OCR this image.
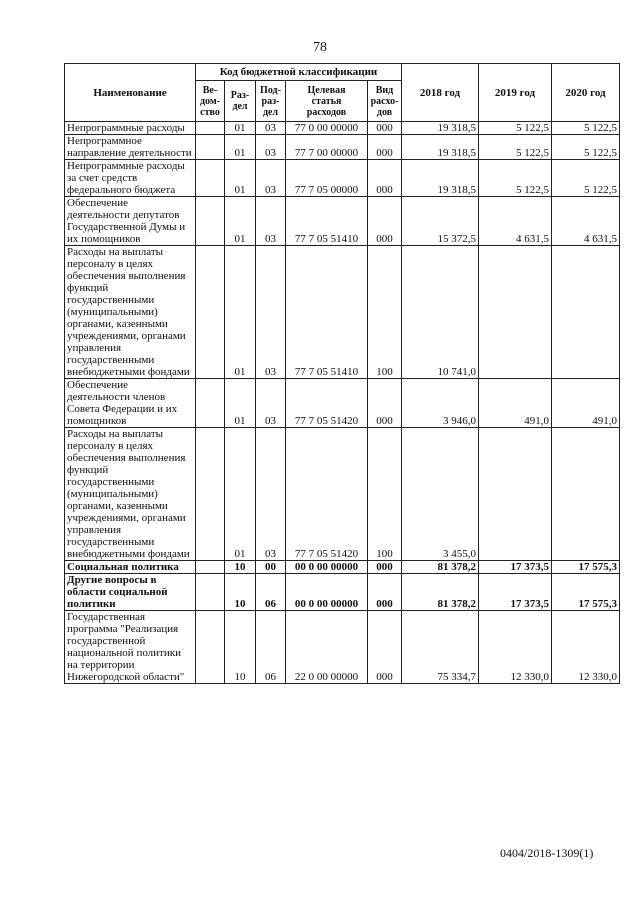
78
Наименование	Код бюджетной классификации					2018 год	2019 год	2020 год
	Ве-
дом-
ство	Раз-
дел	Под-
раз-
дел	Целевая
статья
расходов	Вид
расхо-
дов			
Непрограммные расходы		01	03	77 0 00 00000	000	19 318,5	5 122,5	5 122,5
Непрограммное направление деятельности		01	03	77 7 00 00000	000	19 318,5	5 122,5	5 122,5
Непрограммные расходы за счет средств федерального бюджета		01	03	77 7 05 00000	000	19 318,5	5 122,5	5 122,5
Обеспечение деятельности депутатов Государственной Думы и их помощников		01	03	77 7 05 51410	000	15 372,5	4 631,5	4 631,5
Расходы на выплаты персоналу в целях обеспечения выполнения функций государственными (муниципальными) органами, казенными учреждениями, органами управления государственными внебюджетными фондами		01	03	77 7 05 51410	100	10 741,0		
Обеспечение деятельности членов Совета Федерации и их помощников		01	03	77 7 05 51420	000	3 946,0	491,0	491,0
Расходы на выплаты персоналу в целях обеспечения выполнения функций государственными (муниципальными) органами, казенными учреждениями, органами управления государственными внебюджетными фондами		01	03	77 7 05 51420	100	3 455,0		
Социальная политика		10	00	00 0 00 00000	000	81 378,2	17 373,5	17 575,3
Другие вопросы в области социальной политики		10	06	00 0 00 00000	000	81 378,2	17 373,5	17 575,3
Государственная программа "Реализация государственной национальной политики на территории Нижегородской области"		10	06	22 0 00 00000	000	75 334,7	12 330,0	12 330,0
0404/2018-1309(1)
